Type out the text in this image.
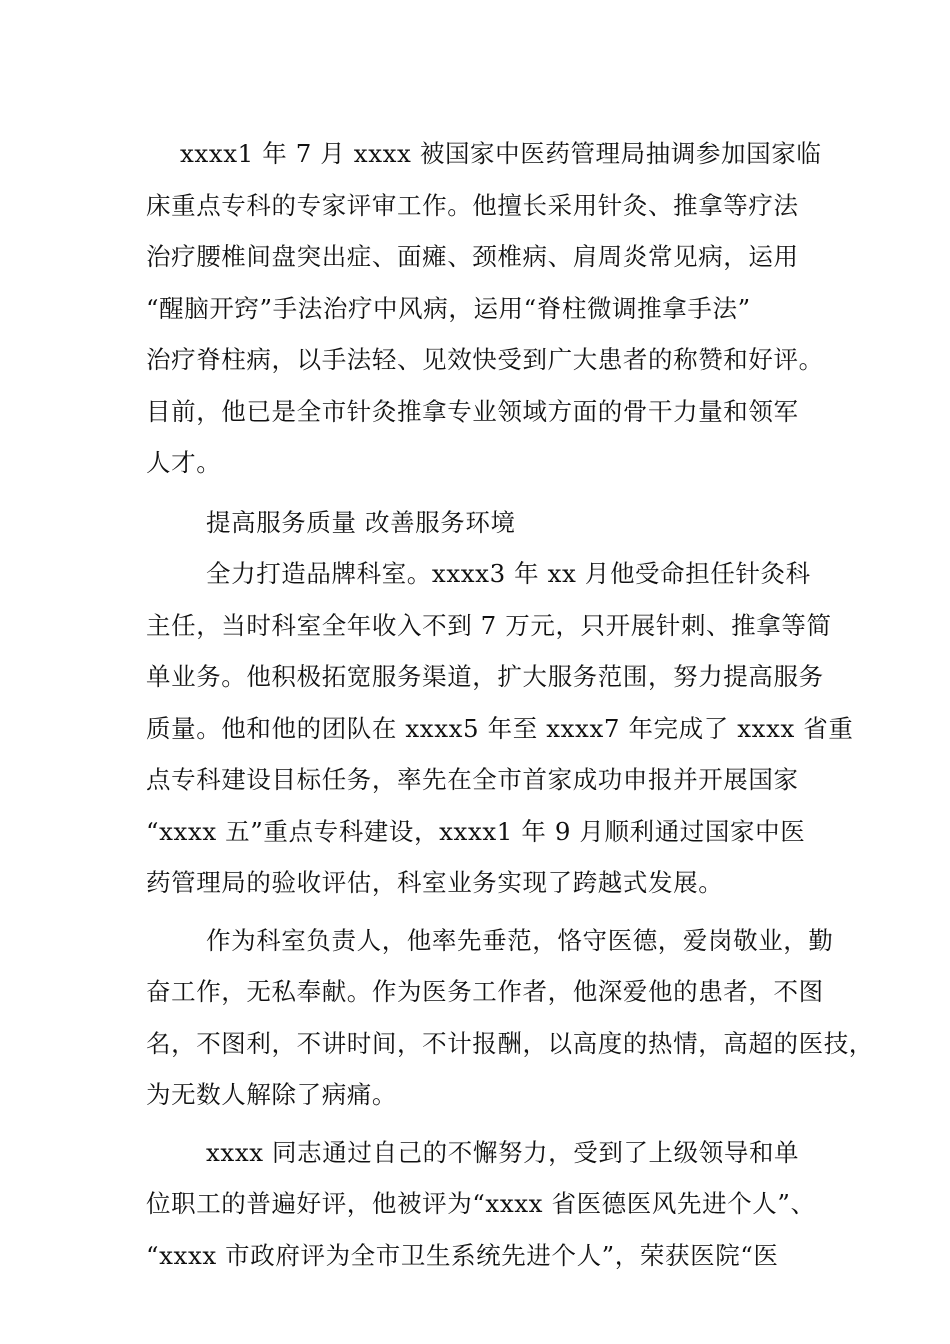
xxxx1 年 7 月 xxxx 被国家中医药管理局抽调参加国家临
床重点专科的专家评审工作。他擅长采用针灸、推拿等疗法
治疗腰椎间盘突出症、面瘫、颈椎病、肩周炎常见病，运用
“醒脑开窍”手法治疗中风病，运用“脊柱微调推拿手法”
治疗脊柱病，以手法轻、见效快受到广大患者的称赞和好评。
目前，他已是全市针灸推拿专业领域方面的骨干力量和领军
人才。
提高服务质量 改善服务环境
全力打造品牌科室。xxxx3 年 xx 月他受命担任针灸科
主任，当时科室全年收入不到 7 万元，只开展针刺、推拿等简
单业务。他积极拓宽服务渠道，扩大服务范围，努力提高服务
质量。他和他的团队在 xxxx5 年至 xxxx7 年完成了 xxxx 省重
点专科建设目标任务，率先在全市首家成功申报并开展国家
“xxxx 五”重点专科建设，xxxx1 年 9 月顺利通过国家中医
药管理局的验收评估，科室业务实现了跨越式发展。
作为科室负责人，他率先垂范，恪守医德，爱岗敬业，勤
奋工作，无私奉献。作为医务工作者，他深爱他的患者，不图
名，不图利，不讲时间，不计报酬，以高度的热情，高超的医技，
为无数人解除了病痛。
xxxx 同志通过自己的不懈努力，受到了上级领导和单
位职工的普遍好评，他被评为“xxxx 省医德医风先进个人”、
“xxxx 市政府评为全市卫生系统先进个人”，荣获医院“医
